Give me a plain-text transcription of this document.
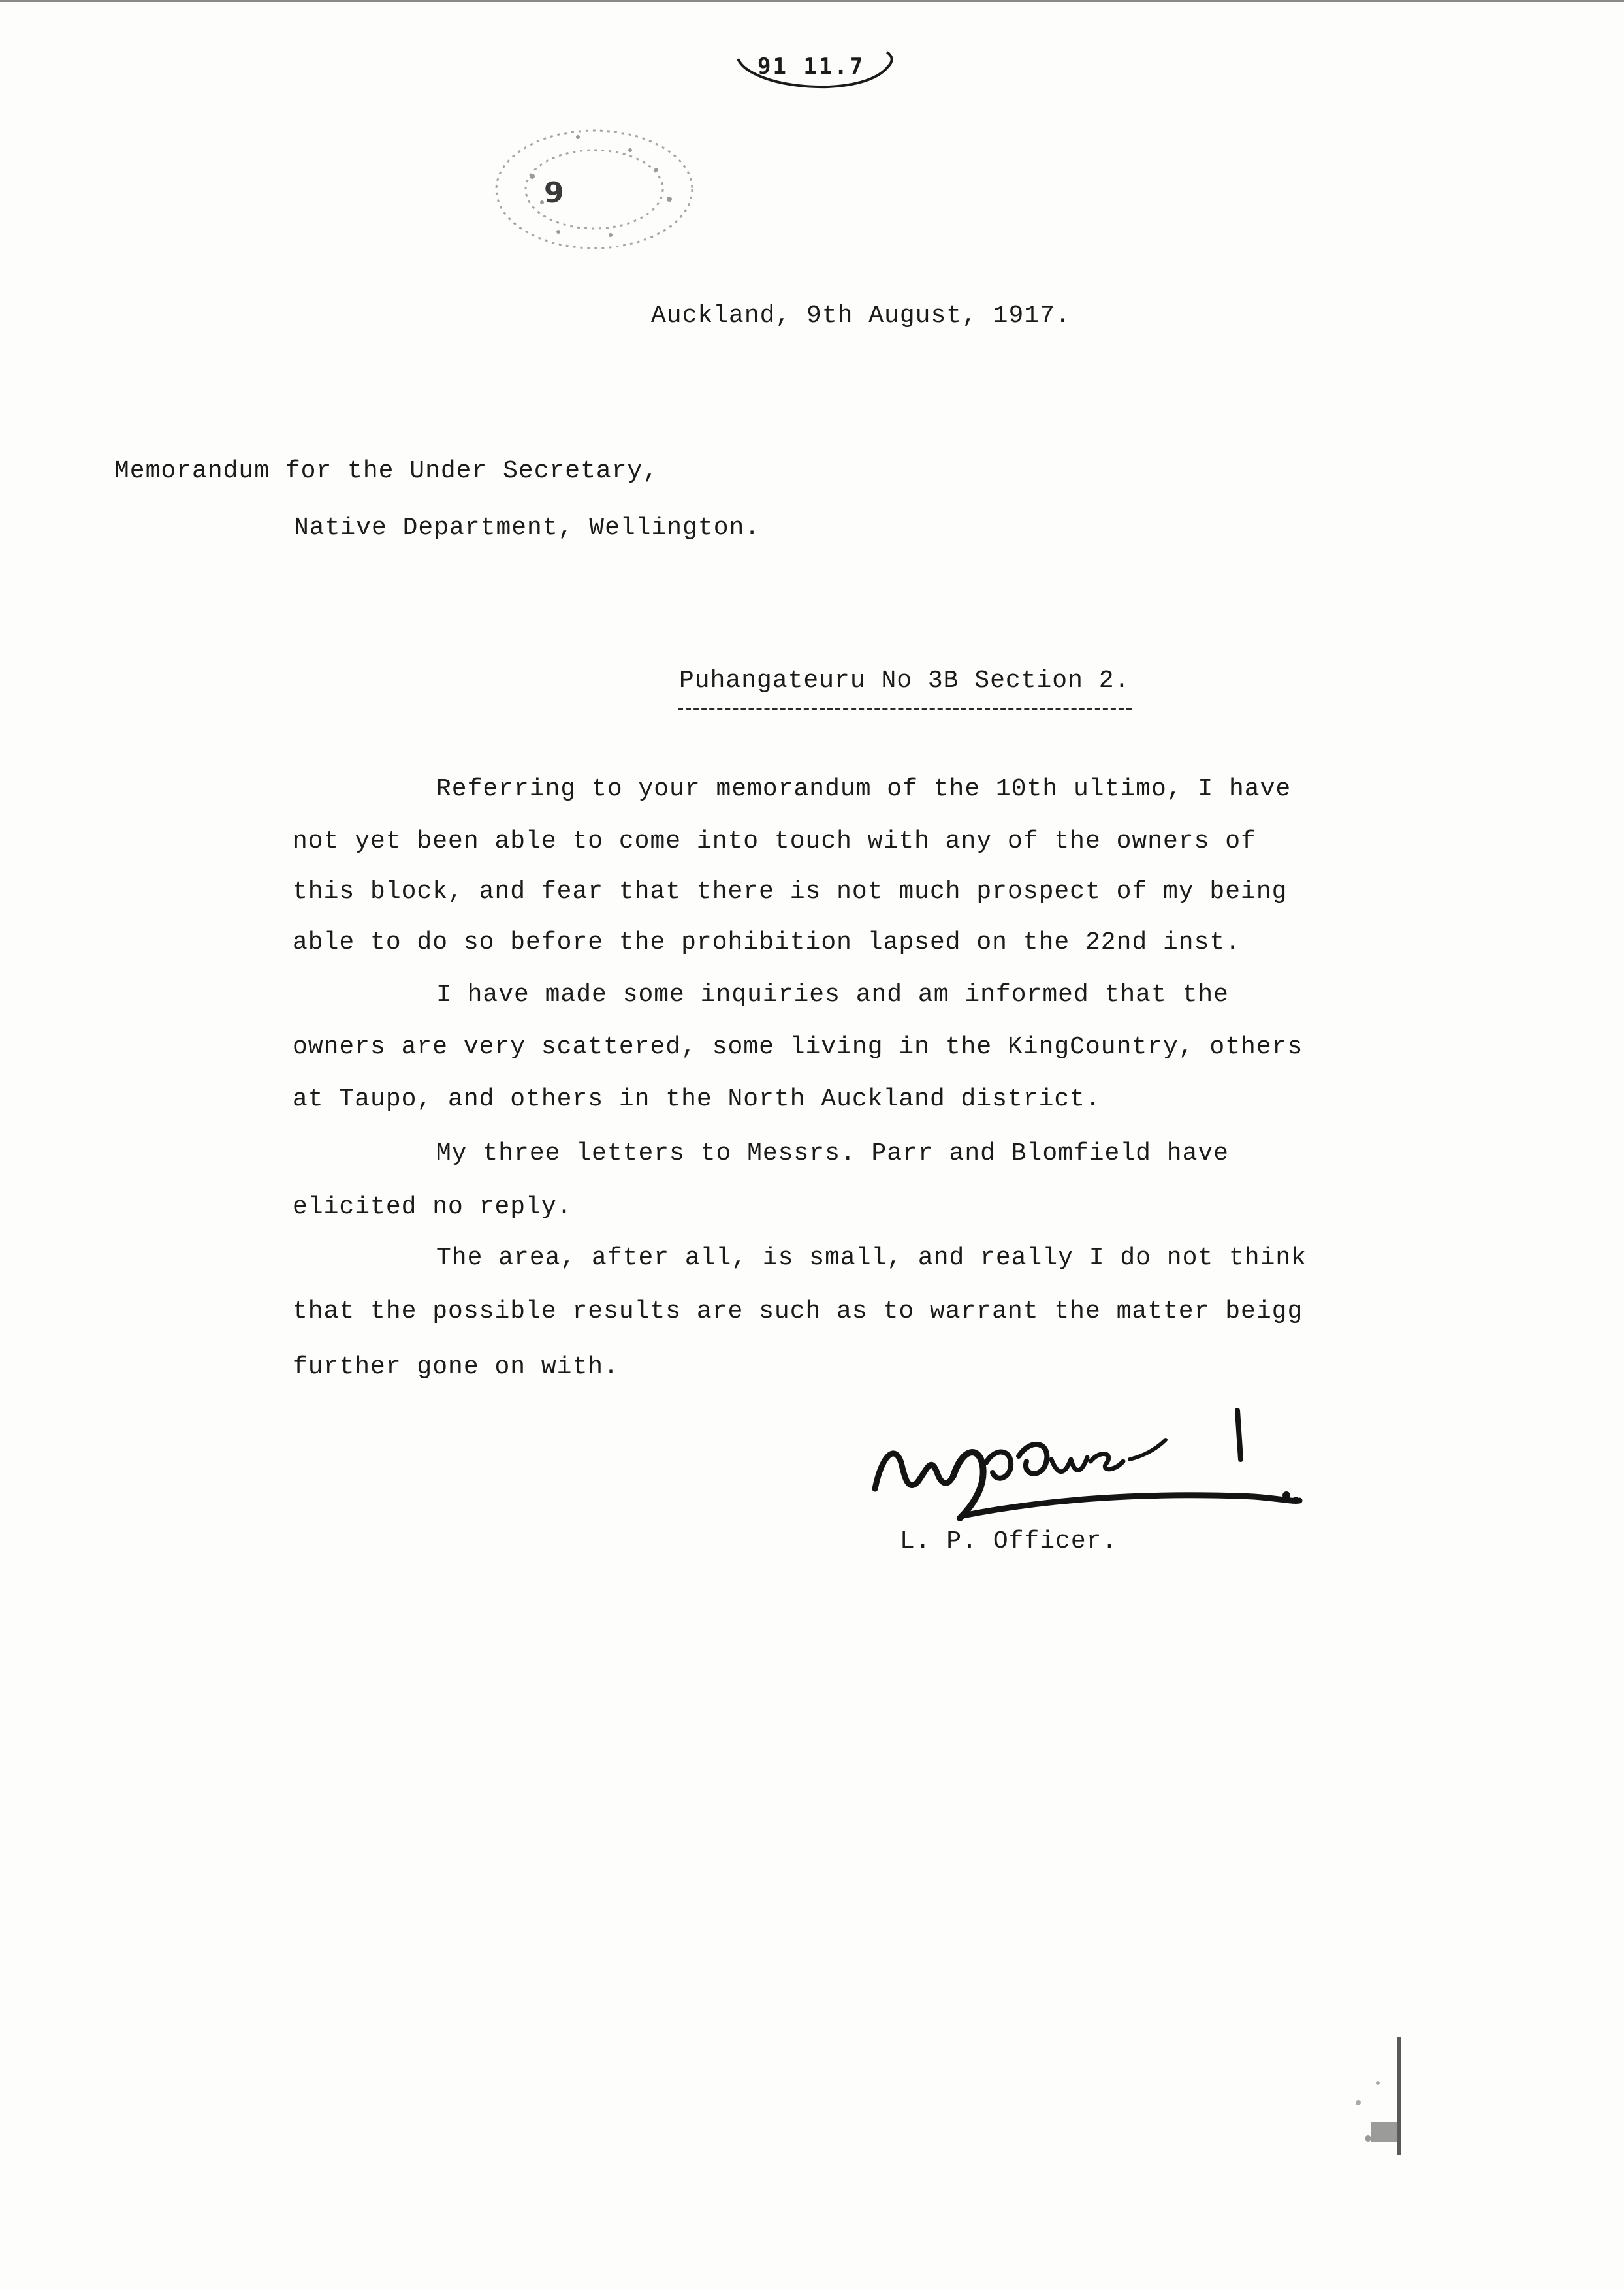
91 11.7
9
Auckland, 9th August, 1917.
Memorandum for the Under Secretary,
Native Department, Wellington.
Puhangateuru No 3B Section 2.
Referring to your memorandum of the 10th ultimo, I have
not yet been able to come into touch with any of the owners of
this block, and fear that there is not much prospect of my being
able to do so before the prohibition lapsed on the 22nd inst.
I have made some inquiries and am informed that the
owners are very scattered, some living in the KingCountry, others
at Taupo, and others in the North Auckland district.
My three letters to Messrs. Parr and Blomfield have
elicited no reply.
The area, after all, is small, and really I do not think
that the possible results are such as to warrant the matter beigg
further gone on with.
L. P. Officer.
